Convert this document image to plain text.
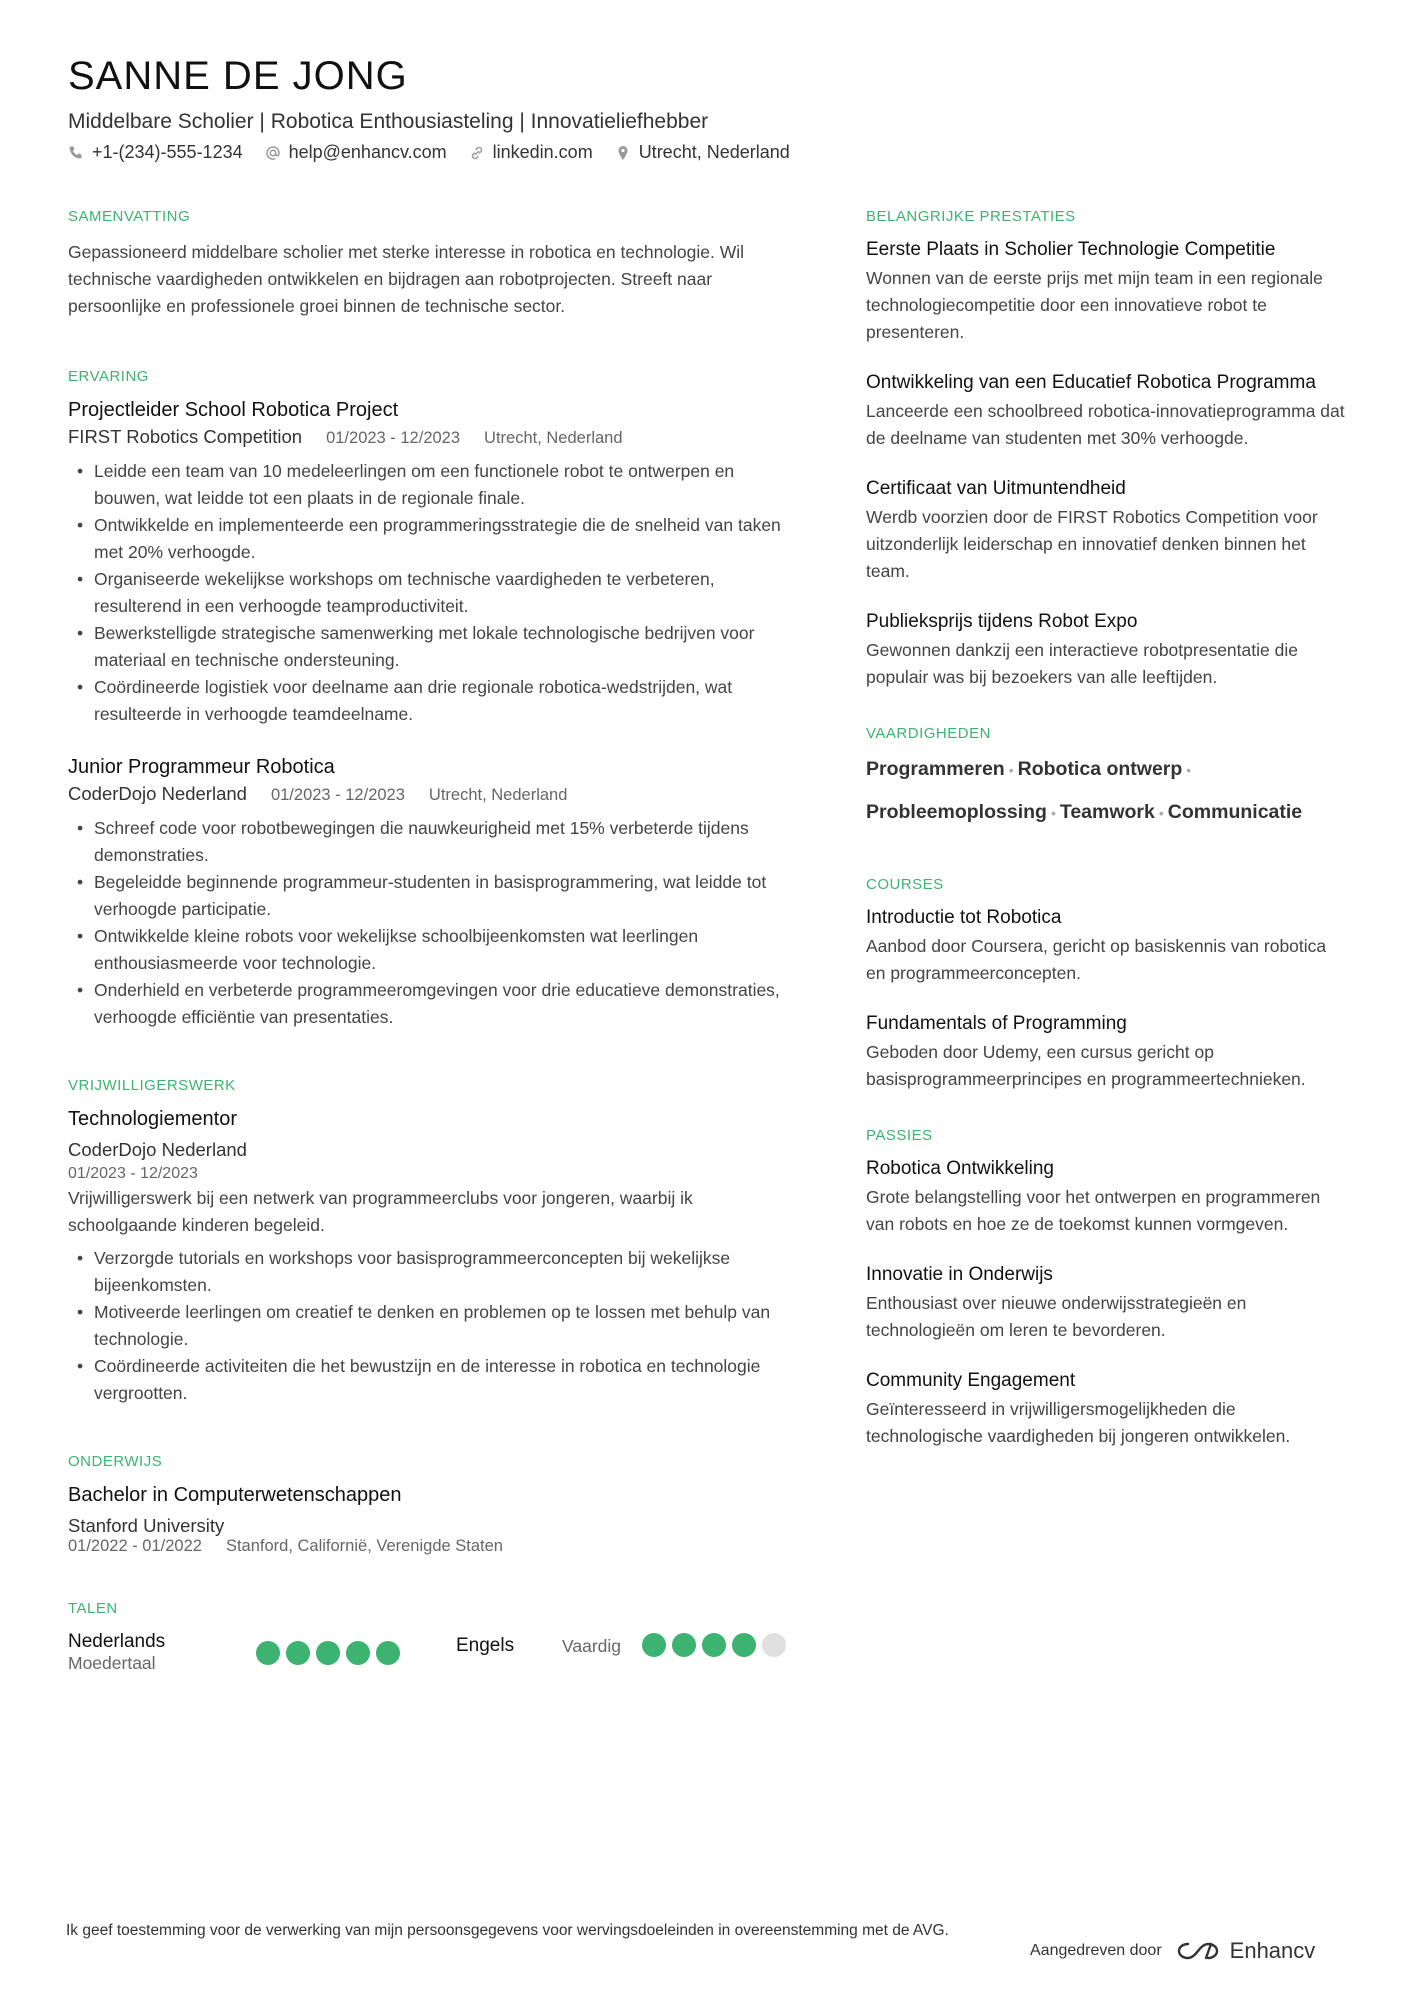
SANNE DE JONG
Middelbare Scholier | Robotica Enthousiasteling | Innovatieliefhebber
+1-(234)-555-1234	help@enhancv.com	linkedin.com	Utrecht, Nederland
SAMENVATTING

Gepassioneerd middelbare scholier met sterke interesse in robotica en technologie. Wil technische vaardigheden ontwikkelen en bijdragen aan robotprojecten. Streeft naar persoonlijke en professionele groei binnen de technische sector.

ERVARING
Projectleider School Robotica Project
FIRST Robotics Competition 01/2023 - 12/2023 Utrecht, Nederland
• Leidde een team van 10 medeleerlingen om een functionele robot te ontwerpen en bouwen, wat leidde tot een plaats in de regionale finale.
• Ontwikkelde en implementeerde een programmeringsstrategie die de snelheid van taken met 20% verhoogde.
• Organiseerde wekelijkse workshops om technische vaardigheden te verbeteren, resulterend in een verhoogde teamproductiviteit.
• Bewerkstelligde strategische samenwerking met lokale technologische bedrijven voor materiaal en technische ondersteuning.
• Coördineerde logistiek voor deelname aan drie regionale robotica-wedstrijden, wat resulteerde in verhoogde teamdeelname.
Junior Programmeur Robotica
CoderDojo Nederland 01/2023 - 12/2023 Utrecht, Nederland
• Schreef code voor robotbewegingen die nauwkeurigheid met 15% verbeterde tijdens demonstraties.
• Begeleidde beginnende programmeur-studenten in basisprogrammering, wat leidde tot verhoogde participatie.
• Ontwikkelde kleine robots voor wekelijkse schoolbijeenkomsten wat leerlingen enthousiasmeerde voor technologie.
• Onderhield en verbeterde programmeeromgevingen voor drie educatieve demonstraties, verhoogde efficiëntie van presentaties.
VRIJWILLIGERSWERK
Technologiementor
CoderDojo Nederland
01/2023 - 12/2023

Vrijwilligerswerk bij een netwerk van programmeerclubs voor jongeren, waarbij ik schoolgaande kinderen begeleid.

• Verzorgde tutorials en workshops voor basisprogrammeerconcepten bij wekelijkse bijeenkomsten.
• Motiveerde leerlingen om creatief te denken en problemen op te lossen met behulp van technologie.
• Coördineerde activiteiten die het bewustzijn en de interesse in robotica en technologie vergrootten.
ONDERWIJS
Bachelor in Computerwetenschappen
Stanford University
01/2022 - 01/2022 Stanford, Californië, Verenigde Staten
TALEN
Nederlands
Moedertaal
Engels	Vaardig
BELANGRIJKE PRESTATIES
Eerste Plaats in Scholier Technologie Competitie

Wonnen van de eerste prijs met mijn team in een regionale technologiecompetitie door een innovatieve robot te presenteren.

Ontwikkeling van een Educatief Robotica Programma

Lanceerde een schoolbreed robotica-innovatieprogramma dat de deelname van studenten met 30% verhoogde.

Certificaat van Uitmuntendheid

Werdb voorzien door de FIRST Robotics Competition voor uitzonderlijk leiderschap en innovatief denken binnen het team.

Publieksprijs tijdens Robot Expo

Gewonnen dankzij een interactieve robotpresentatie die populair was bij bezoekers van alle leeftijden.

VAARDIGHEDEN
Programmeren • Robotica ontwerp •
Probleemoplossing • Teamwork • Communicatie
COURSES
Introductie tot Robotica

Aanbod door Coursera, gericht op basiskennis van robotica en programmeerconcepten.

Fundamentals of Programming

Geboden door Udemy, een cursus gericht op basisprogrammeerprincipes en programmeertechnieken.

PASSIES
Robotica Ontwikkeling

Grote belangstelling voor het ontwerpen en programmeren van robots en hoe ze de toekomst kunnen vormgeven.

Innovatie in Onderwijs

Enthousiast over nieuwe onderwijsstrategieën en technologieën om leren te bevorderen.

Community Engagement

Geïnteresseerd in vrijwilligersmogelijkheden die technologische vaardigheden bij jongeren ontwikkelen.

Ik geef toestemming voor de verwerking van mijn persoonsgegevens voor wervingsdoeleinden in overeenstemming met de AVG.
Aangedreven door	Enhancv
